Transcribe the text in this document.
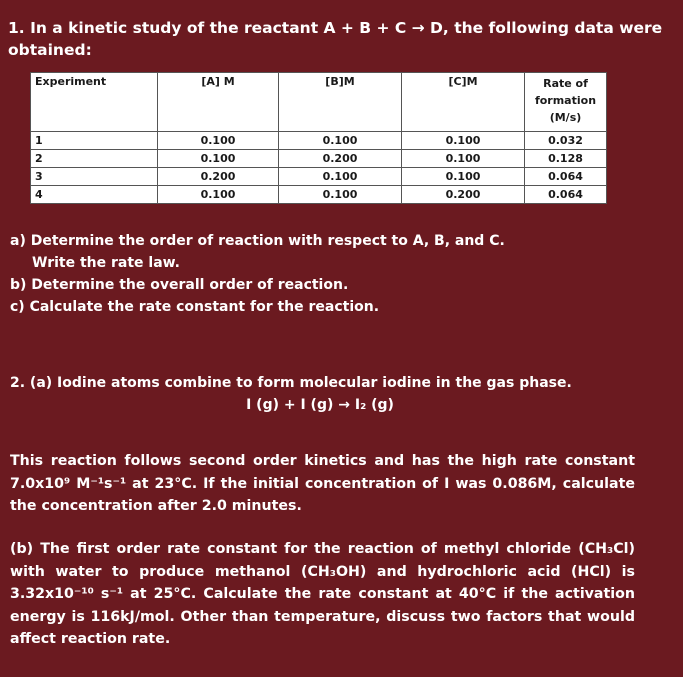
1. In a kinetic study of the reactant A + B + C → D, the following data were obtained:
Experiment	[A] M	[B]M	[C]M	Rate of formation (M/s)
1	0.100	0.100	0.100	0.032
2	0.100	0.200	0.100	0.128
3	0.200	0.100	0.100	0.064
4	0.100	0.100	0.200	0.064
a) Determine the order of reaction with respect to A, B, and C.
Write the rate law.
b) Determine the overall order of reaction.
c) Calculate the rate constant for the reaction.
2. (a) Iodine atoms combine to form molecular iodine in the gas phase.
I (g) + I (g) → I₂ (g)
This reaction follows second order kinetics and has the high rate constant 7.0x10⁹ M⁻¹s⁻¹ at 23°C. If the initial concentration of I was 0.086M, calculate the concentration after 2.0 minutes.
(b) The first order rate constant for the reaction of methyl chloride (CH₃Cl) with water to produce methanol (CH₃OH) and hydrochloric acid (HCl) is 3.32x10⁻¹⁰ s⁻¹ at 25°C. Calculate the rate constant at 40°C if the activation energy is 116kJ/mol. Other than temperature, discuss two factors that would affect reaction rate.
